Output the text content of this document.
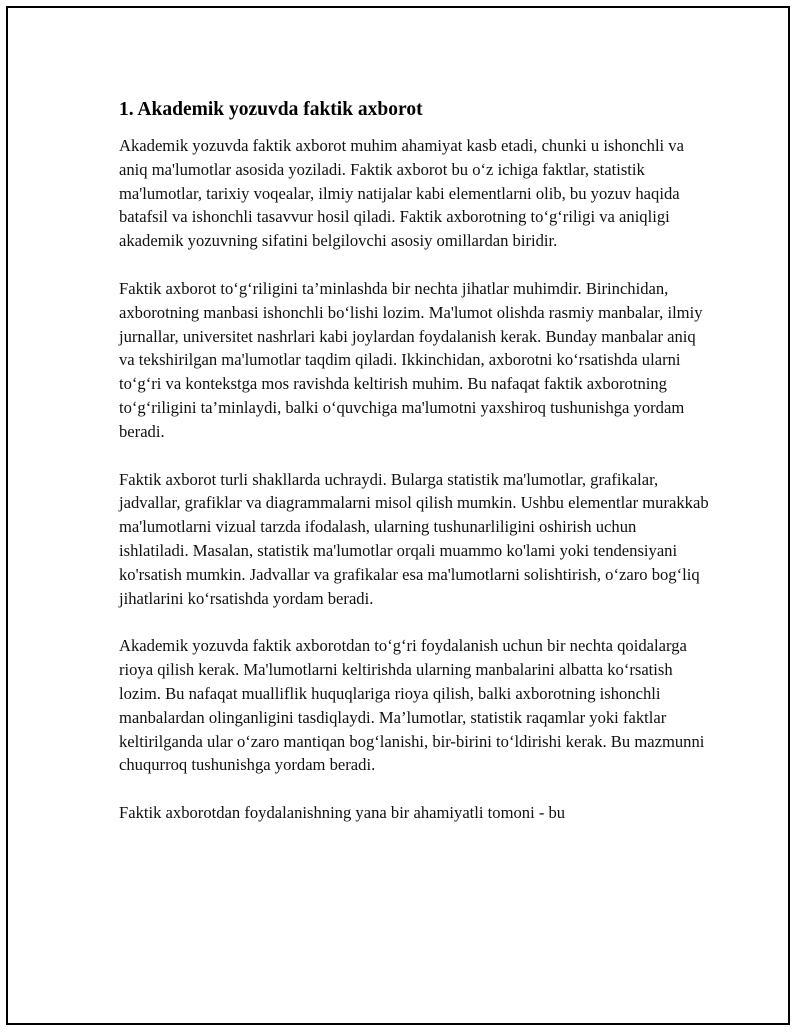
1. Akademik yozuvda faktik axborot

Akademik yozuvda faktik axborot muhim ahamiyat kasb etadi, chunki u ishonchli va aniq ma'lumotlar asosida yoziladi. Faktik axborot bu o‘z ichiga faktlar, statistik ma'lumotlar, tarixiy voqealar, ilmiy natijalar kabi elementlarni olib, bu yozuv haqida batafsil va ishonchli tasavvur hosil qiladi. Faktik axborotning to‘g‘riligi va aniqligi akademik yozuvning sifatini belgilovchi asosiy omillardan biridir.

Faktik axborot to‘g‘riligini ta’minlashda bir nechta jihatlar muhimdir. Birinchidan, axborotning manbasi ishonchli bo‘lishi lozim. Ma'lumot olishda rasmiy manbalar, ilmiy jurnallar, universitet nashrlari kabi joylardan foydalanish kerak. Bunday manbalar aniq va tekshirilgan ma'lumotlar taqdim qiladi. Ikkinchidan, axborotni ko‘rsatishda ularni to‘g‘ri va kontekstga mos ravishda keltirish muhim. Bu nafaqat faktik axborotning to‘g‘riligini ta’minlaydi, balki o‘quvchiga ma'lumotni yaxshiroq tushunishga yordam beradi.

Faktik axborot turli shakllarda uchraydi. Bularga statistik ma'lumotlar, grafikalar, jadvallar, grafiklar va diagrammalarni misol qilish mumkin. Ushbu elementlar murakkab ma'lumotlarni vizual tarzda ifodalash, ularning tushunarliligini oshirish uchun ishlatiladi. Masalan, statistik ma'lumotlar orqali muammo ko'lami yoki tendensiyani ko'rsatish mumkin. Jadvallar va grafikalar esa ma'lumotlarni solishtirish, o‘zaro bog‘liq jihatlarini ko‘rsatishda yordam beradi.

Akademik yozuvda faktik axborotdan to‘g‘ri foydalanish uchun bir nechta qoidalarga rioya qilish kerak. Ma'lumotlarni keltirishda ularning manbalarini albatta ko‘rsatish lozim. Bu nafaqat mualliflik huquqlariga rioya qilish, balki axborotning ishonchli manbalardan olinganligini tasdiqlaydi. Ma’lumotlar, statistik raqamlar yoki faktlar keltirilganda ular o‘zaro mantiqan bog‘lanishi, bir-birini to‘ldirishi kerak. Bu mazmunni chuqurroq tushunishga yordam beradi.

Faktik axborotdan foydalanishning yana bir ahamiyatli tomoni - bu
